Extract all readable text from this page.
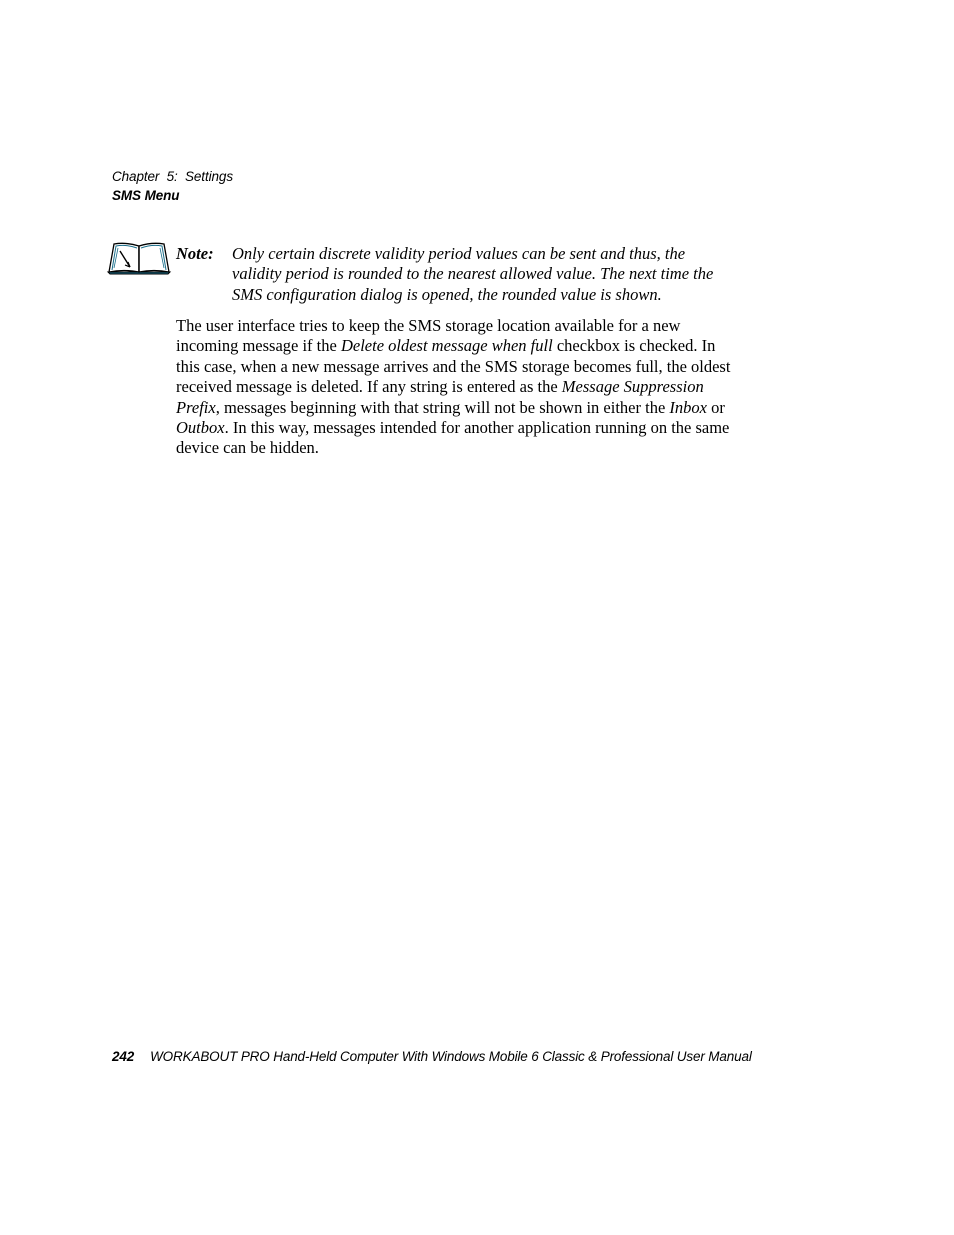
Chapter  5:  Settings
SMS Menu
Note: Only certain discrete validity period values can be sent and thus, the
validity period is rounded to the nearest allowed value. The next time the
SMS configuration dialog is opened, the rounded value is shown.
The user interface tries to keep the SMS storage location available for a new
incoming message if the Delete oldest message when full checkbox is checked. In
this case, when a new message arrives and the SMS storage becomes full, the oldest
received message is deleted. If any string is entered as the Message Suppression
Prefix, messages beginning with that string will not be shown in either the Inbox or
Outbox. In this way, messages intended for another application running on the same
device can be hidden.
242 WORKABOUT PRO Hand-Held Computer With Windows Mobile 6 Classic & Professional User Manual
